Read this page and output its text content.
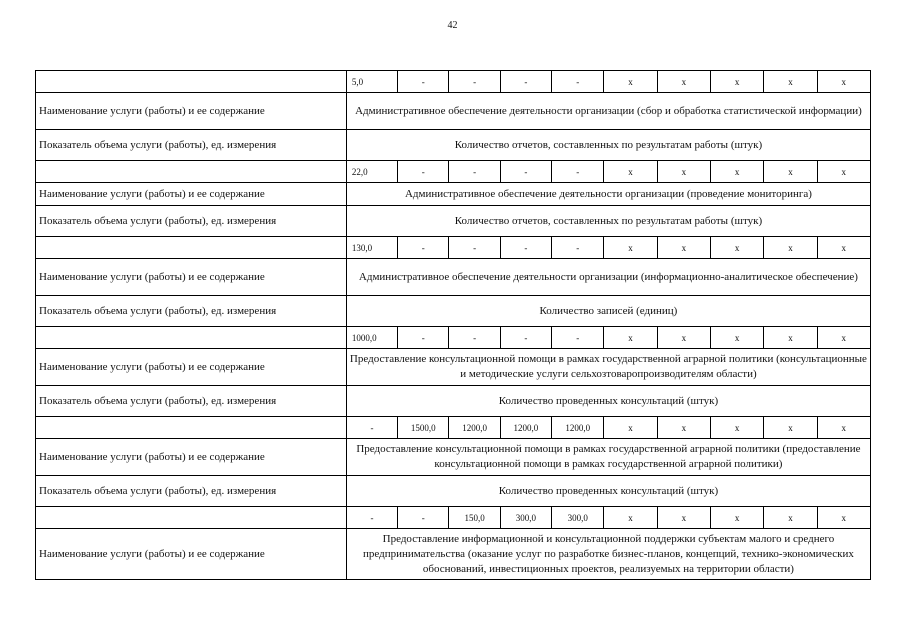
42
	5,0	-	-	-	-	x	x	x	x	x
Наименование услуги (работы) и ее содержание	Административное обеспечение деятельности организации (сбор и обработка статистической информации)									
Показатель объема услуги (работы), ед. измерения	Количество отчетов, составленных по результатам работы (штук)									
	22,0	-	-	-	-	x	x	x	x	x
Наименование услуги (работы) и ее содержание	Административное обеспечение деятельности организации (проведение мониторинга)									
Показатель объема услуги (работы), ед. измерения	Количество отчетов, составленных по результатам работы (штук)									
	130,0	-	-	-	-	x	x	x	x	x
Наименование услуги (работы) и ее содержание	Административное обеспечение деятельности организации (информационно-аналитическое обеспечение)									
Показатель объема услуги (работы), ед. измерения	Количество записей (единиц)									
	1000,0	-	-	-	-	x	x	x	x	x
Наименование услуги (работы) и ее содержание	Предоставление консультационной помощи в рамках государственной аграрной политики (консультационные и методические услуги сельхозтоваропроизводителям области)									
Показатель объема услуги (работы), ед. измерения	Количество проведенных консультаций (штук)									
	-	1500,0	1200,0	1200,0	1200,0	x	x	x	x	x
Наименование услуги (работы) и ее содержание	Предоставление консультационной помощи в рамках государственной аграрной политики (предоставление консультационной помощи в рамках государственной аграрной политики)									
Показатель объема услуги (работы), ед. измерения	Количество проведенных консультаций (штук)									
	-	-	150,0	300,0	300,0	x	x	x	x	x
Наименование услуги (работы) и ее содержание	Предоставление информационной и консультационной поддержки субъектам малого и среднего предпринимательства (оказание услуг по разработке бизнес-планов, концепций, технико-экономических обоснований, инвестиционных проектов, реализуемых на территории области)									
